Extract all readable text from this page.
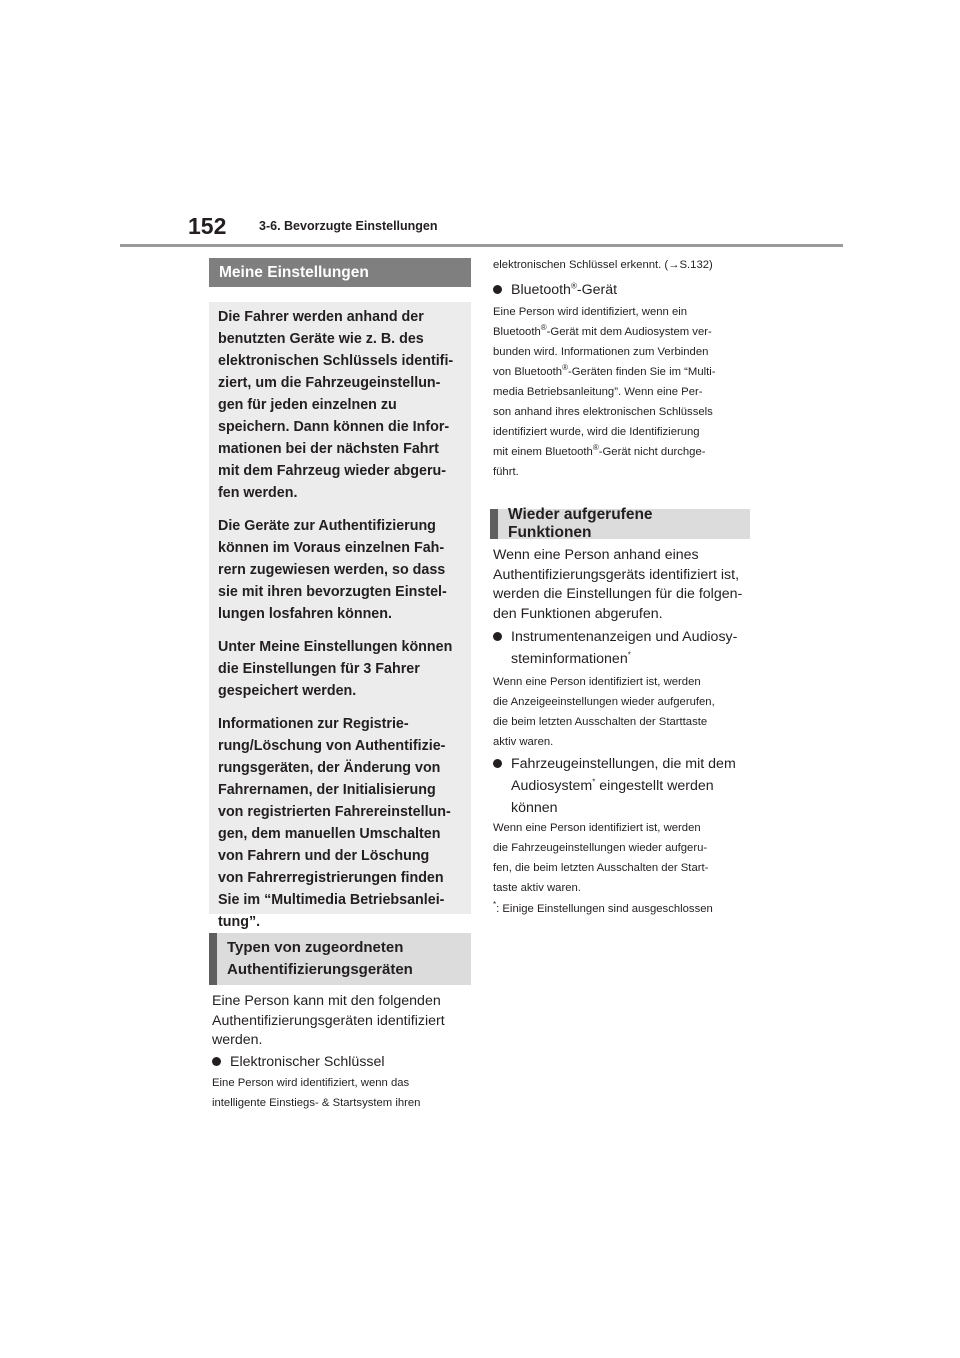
152	3-6. Bevorzugte Einstellungen
Meine Einstellungen

Die Fahrer werden anhand der benutzten Geräte wie z. B. des elektronischen Schlüssels identifi-ziert, um die Fahrzeugeinstellun-gen für jeden einzelnen zu speichern. Dann können die Infor-mationen bei der nächsten Fahrt mit dem Fahrzeug wieder abgeru-fen werden.

Die Geräte zur Authentifizierung können im Voraus einzelnen Fah-rern zugewiesen werden, so dass sie mit ihren bevorzugten Einstel-lungen losfahren können.

Unter Meine Einstellungen können die Einstellungen für 3 Fahrer gespeichert werden.

Informationen zur Registrie-rung/Löschung von Authentifizie-rungsgeräten, der Änderung von Fahrernamen, der Initialisierung von registrierten Fahrereinstellun-gen, dem manuellen Umschalten von Fahrern und der Löschung von Fahrerregistrierungen finden Sie im “Multimedia Betriebsanlei-tung”.

Typen von zugeordneten
Authentifizierungsgeräten
Eine Person kann mit den folgenden Authentifizierungsgeräten identifiziert werden.
Elektronischer Schlüssel
Eine Person wird identifiziert, wenn das
intelligente Einstiegs- & Startsystem ihren
elektronischen Schlüssel erkennt. (→S.132)
Bluetooth®-Gerät
Eine Person wird identifiziert, wenn ein
Bluetooth®-Gerät mit dem Audiosystem ver-
bunden wird. Informationen zum Verbinden
von Bluetooth®-Geräten finden Sie im “Multi-
media Betriebsanleitung”. Wenn eine Per-
son anhand ihres elektronischen Schlüssels
identifiziert wurde, wird die Identifizierung
mit einem Bluetooth®-Gerät nicht durchge-
führt.
Wieder aufgerufene Funktionen
Wenn eine Person anhand eines
Authentifizierungsgeräts identifiziert ist,
werden die Einstellungen für die folgen-
den Funktionen abgerufen.
Instrumentenanzeigen und Audiosy-
steminformationen*
Wenn eine Person identifiziert ist, werden
die Anzeigeeinstellungen wieder aufgerufen,
die beim letzten Ausschalten der Starttaste
aktiv waren.
Fahrzeugeinstellungen, die mit dem
Audiosystem* eingestellt werden
können
Wenn eine Person identifiziert ist, werden
die Fahrzeugeinstellungen wieder aufgeru-
fen, die beim letzten Ausschalten der Start-
taste aktiv waren.
*: Einige Einstellungen sind ausgeschlossen
